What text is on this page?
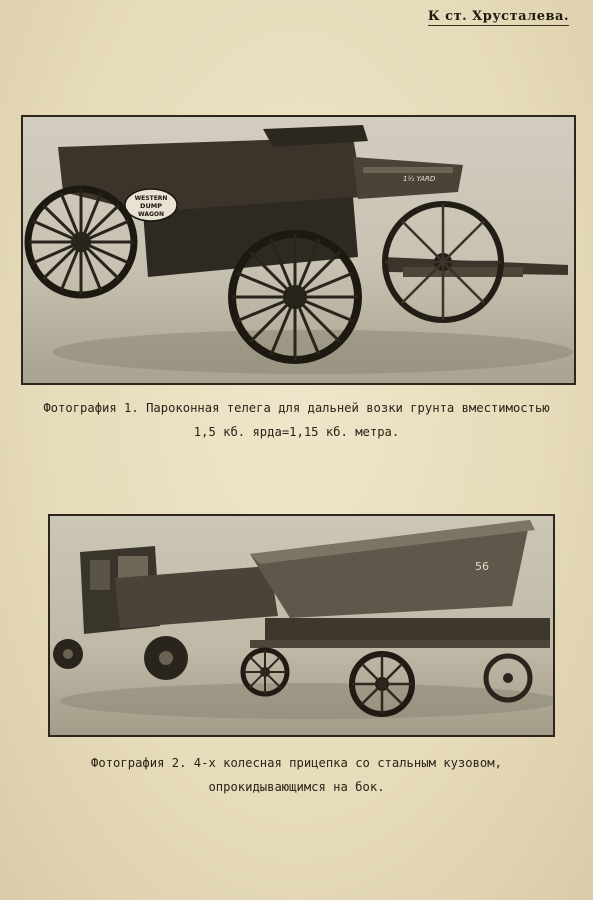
К ст. Хрусталева.
WESTERN
DUMP
WAGON
1½ YARD
Фотография 1. Пароконная телега для дальней возки грунта вместимостью
1,5 кб. ярда=1,15 кб. метра.
56
Фотография 2. 4-х колесная прицепка со стальным кузовом,
опрокидывающимся на бок.
